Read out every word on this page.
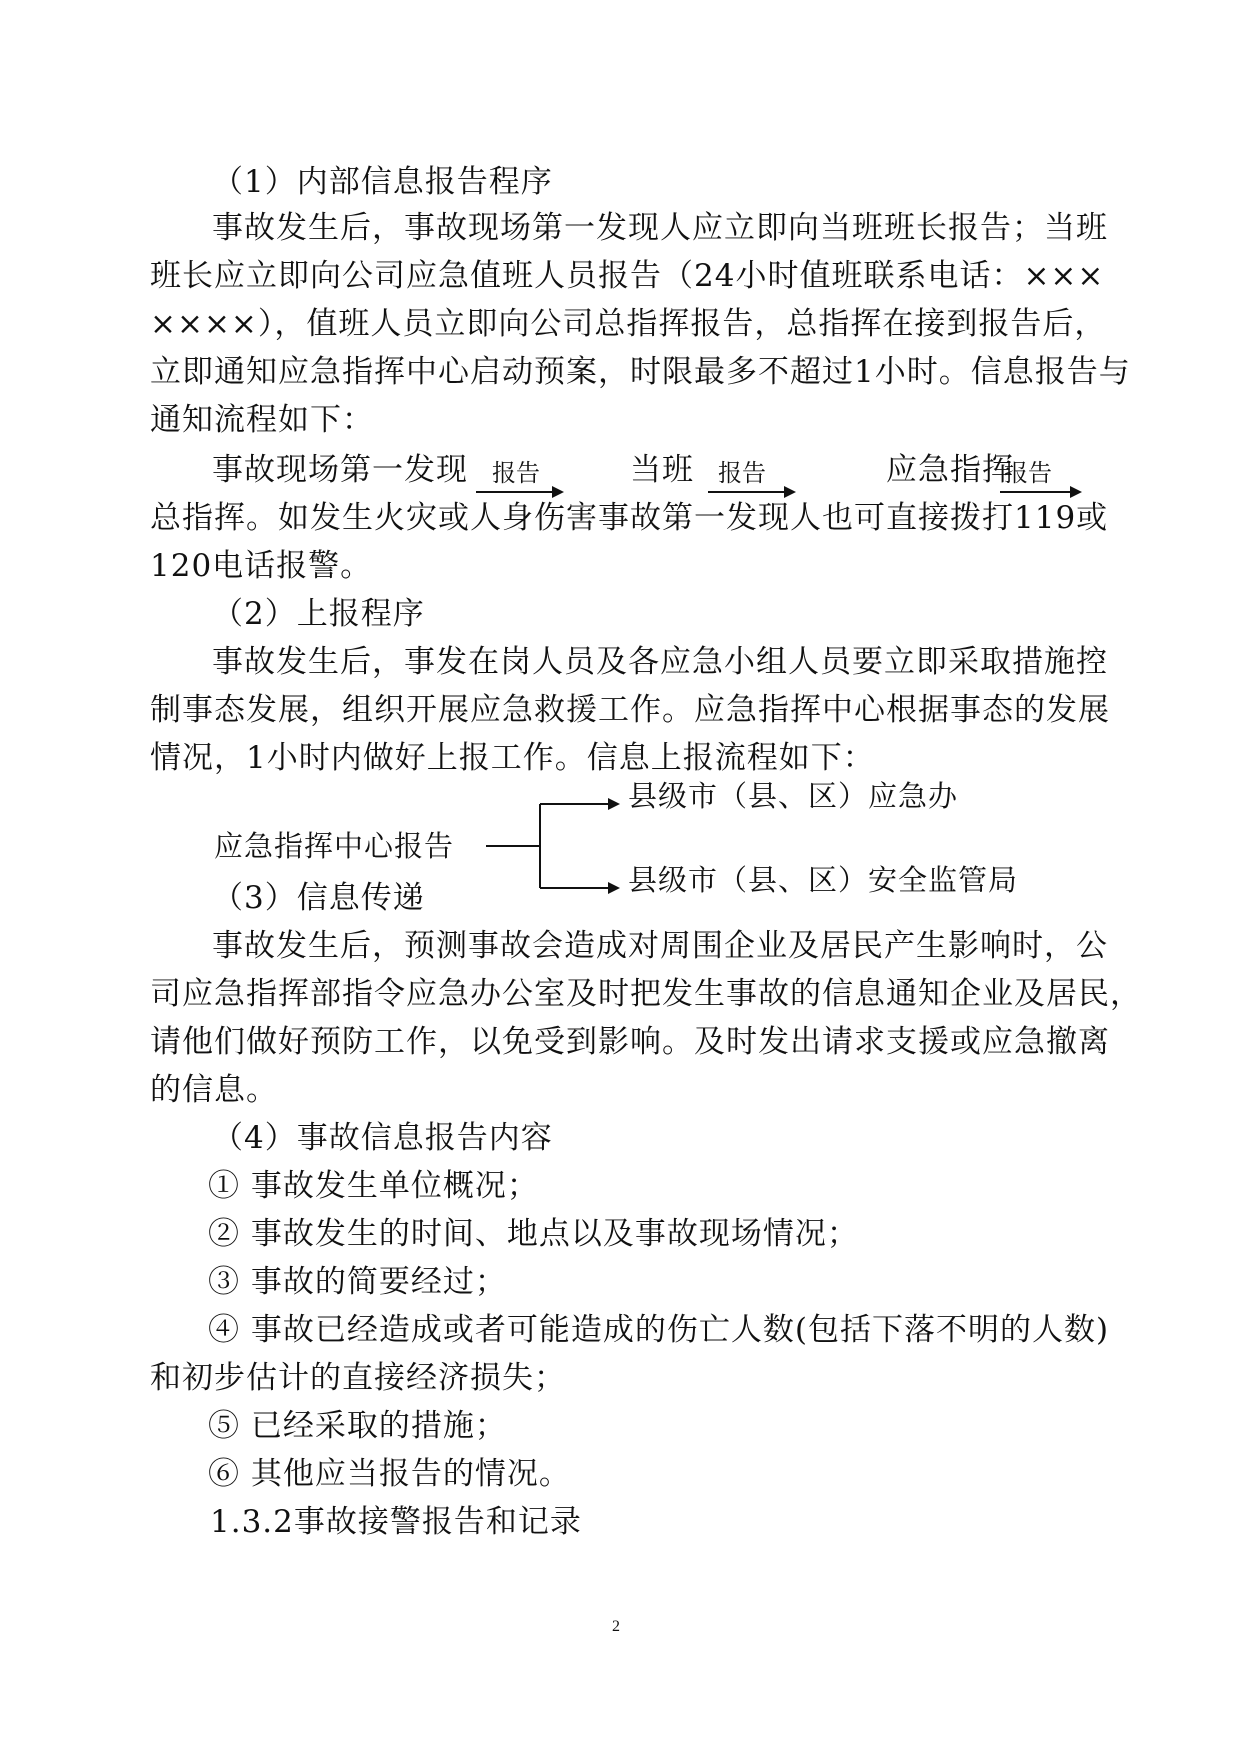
（1）内部信息报告程序
事故发生后，事故现场第一发现人应立即向当班班长报告；当班
班长应立即向公司应急值班人员报告（24小时值班联系电话：×××
××××），值班人员立即向公司总指挥报告，总指挥在接到报告后，
立即通知应急指挥中心启动预案，时限最多不超过1小时。信息报告与
通知流程如下：
事故现场第一发现 报告	当班 报告	应急指挥
报告
总指挥。如发生火灾或人身伤害事故第一发现人也可直接拨打119或
120电话报警。
（2）上报程序
事故发生后，事发在岗人员及各应急小组人员要立即采取措施控
制事态发展，组织开展应急救援工作。应急指挥中心根据事态的发展
情况，1小时内做好上报工作。信息上报流程如下：
县级市（县、区）应急办
应急指挥中心报告
县级市（县、区）安全监管局
（3）信息传递
事故发生后，预测事故会造成对周围企业及居民产生影响时，公
司应急指挥部指令应急办公室及时把发生事故的信息通知企业及居民，
请他们做好预防工作，以免受到影响。及时发出请求支援或应急撤离
的信息。
（4）事故信息报告内容
① 事故发生单位概况；
② 事故发生的时间、地点以及事故现场情况；
③ 事故的简要经过；
④ 事故已经造成或者可能造成的伤亡人数(包括下落不明的人数)
和初步估计的直接经济损失；
⑤ 已经采取的措施；
⑥ 其他应当报告的情况。
1.3.2事故接警报告和记录
2
